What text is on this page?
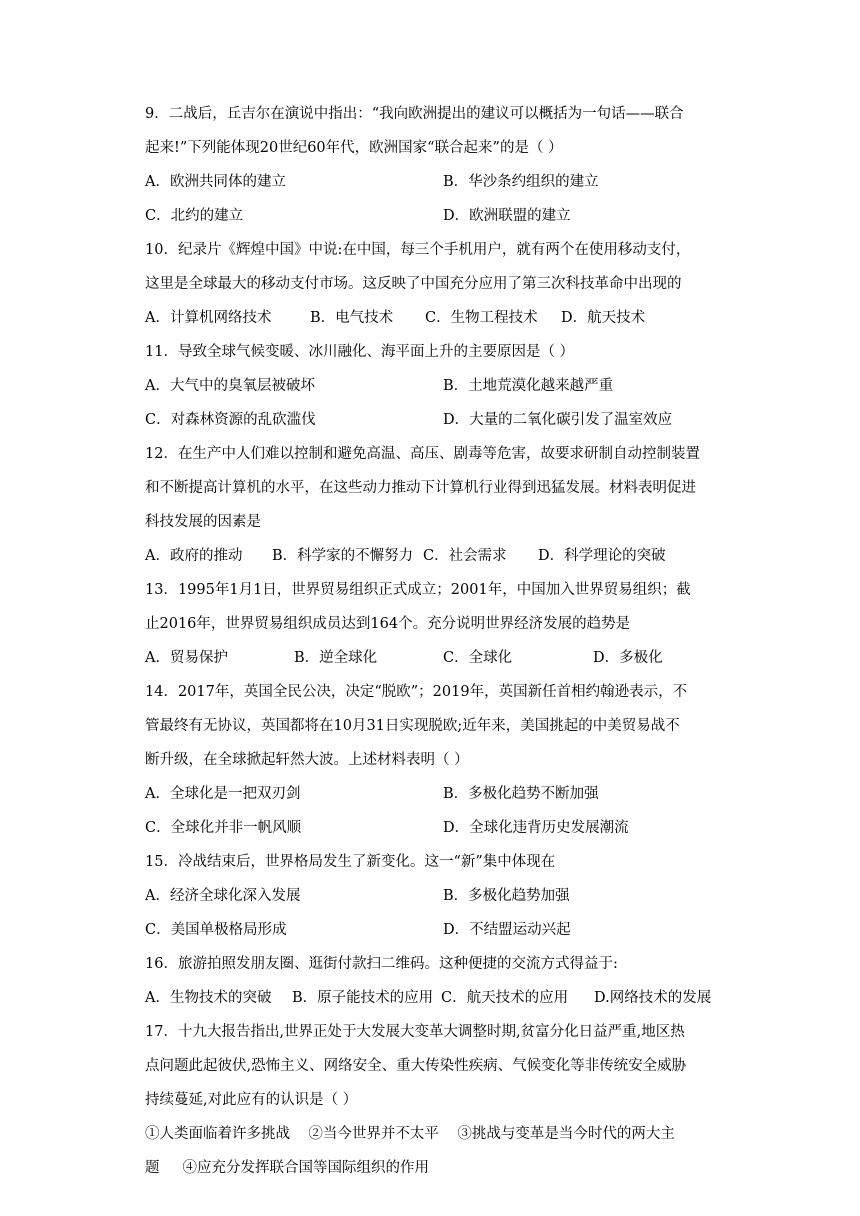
9．二战后，丘吉尔在演说中指出：“我向欧洲提出的建议可以概括为一句话——联合
起来!”下列能体现20世纪60年代，欧洲国家“联合起来”的是（ ）
A．欧洲共同体的建立	B．华沙条约组织的建立
C．北约的建立	D．欧洲联盟的建立
10．纪录片《辉煌中国》中说:在中国，每三个手机用户，就有两个在使用移动支付，
这里是全球最大的移动支付市场。这反映了中国充分应用了第三次科技革命中出现的
A．计算机网络技术	B．电气技术 C．生物工程技术 D．航天技术
11．导致全球气候变暖、冰川融化、海平面上升的主要原因是（ ）
A．大气中的臭氧层被破坏	B．土地荒漠化越来越严重
C．对森林资源的乱砍滥伐	D．大量的二氧化碳引发了温室效应
12．在生产中人们难以控制和避免高温、高压、剧毒等危害，故要求研制自动控制装置
和不断提高计算机的水平，在这些动力推动下计算机行业得到迅猛发展。材料表明促进
科技发展的因素是
A．政府的推动 B．科学家的不懈努力 C．社会需求 D．科学理论的突破
13．1995年1月1日，世界贸易组织正式成立；2001年，中国加入世界贸易组织；截
止2016年，世界贸易组织成员达到164个。充分说明世界经济发展的趋势是
A．贸易保护	B．逆全球化	C．全球化	D．多极化
14．2017年，英国全民公决，决定“脱欧”；2019年，英国新任首相约翰逊表示，不
管最终有无协议，英国都将在10月31日实现脱欧;近年来，美国挑起的中美贸易战不
断升级，在全球掀起轩然大波。上述材料表明（ ）
A．全球化是一把双刃剑	B．多极化趋势不断加强
C．全球化并非一帆风顺	D．全球化违背历史发展潮流
15．冷战结束后，世界格局发生了新变化。这一“新”集中体现在
A．经济全球化深入发展	B．多极化趋势加强
C．美国单极格局形成	D．不结盟运动兴起
16．旅游拍照发朋友圈、逛街付款扫二维码。这种便捷的交流方式得益于:
A．生物技术的突破 B．原子能技术的应用 C．航天技术的应用 D.网络技术的发展
17．十九大报告指出,世界正处于大发展大变革大调整时期,贫富分化日益严重,地区热
点问题此起彼伏,恐怖主义、网络安全、重大传染性疾病、气候变化等非传统安全威胁
持续蔓延,对此应有的认识是（ ）
①人类面临着许多挑战    ②当今世界并不太平    ③挑战与变革是当今时代的两大主
题     ④应充分发挥联合国等国际组织的作用
